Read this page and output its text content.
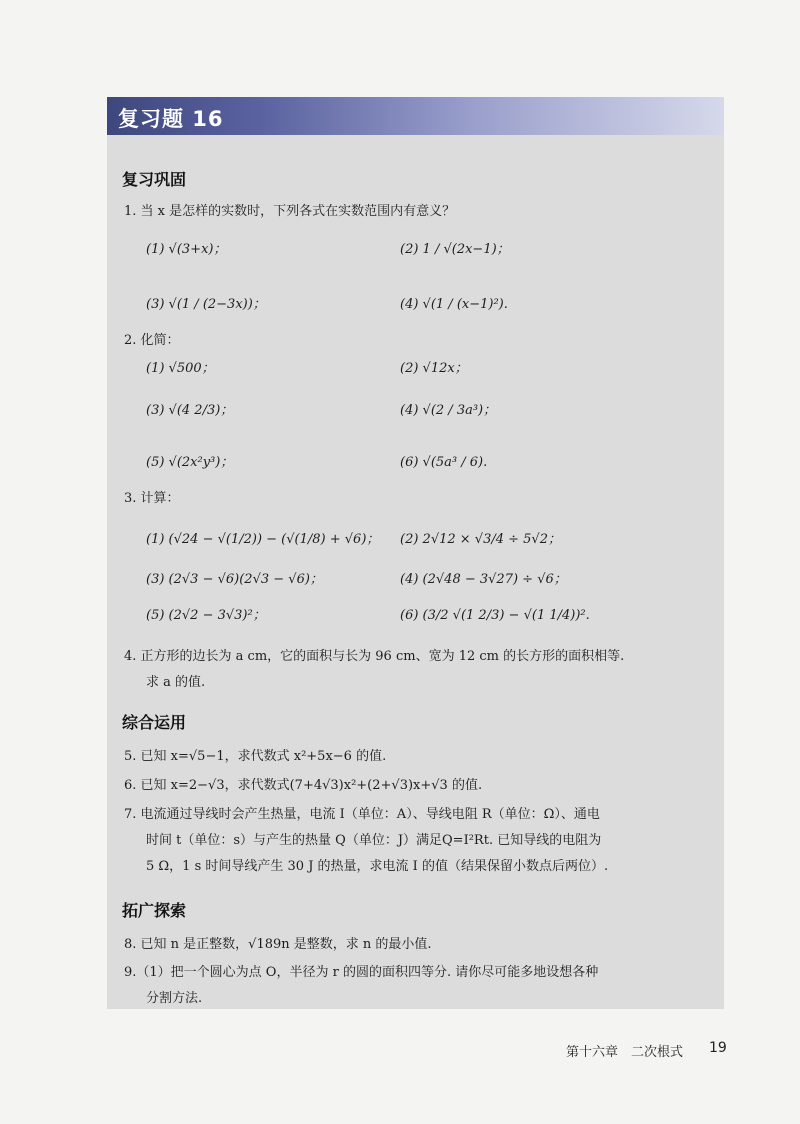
复习题 16
复习巩固
1. 当 x 是怎样的实数时，下列各式在实数范围内有意义？
(1) √(3+x)；	(2) 1 / √(2x−1)；
(3) √(1 / (2−3x))；	(4) √(1 / (x−1)²).
2. 化简：
(1) √500；	(2) √12x；
(3) √(4 2/3)；	(4) √(2 / 3a³)；
(5) √(2x²y³)；	(6) √(5a³ / 6).
3. 计算：
(1) (√24 − √(1/2)) − (√(1/8) + √6)； (2) 2√12 × √3/4 ÷ 5√2；
(3) (2√3 − √6)(2√3 − √6)；	(4) (2√48 − 3√27) ÷ √6；
(5) (2√2 − 3√3)²；	(6) (3/2 √(1 2/3) − √(1 1/4))².
4. 正方形的边长为 a cm，它的面积与长为 96 cm、宽为 12 cm 的长方形的面积相等.
求 a 的值.
综合运用
5. 已知 x=√5−1，求代数式 x²+5x−6 的值.
6. 已知 x=2−√3，求代数式(7+4√3)x²+(2+√3)x+√3 的值.
7. 电流通过导线时会产生热量，电流 I（单位：A）、导线电阻 R（单位：Ω）、通电
时间 t（单位：s）与产生的热量 Q（单位：J）满足Q=I²Rt. 已知导线的电阻为
5 Ω，1 s 时间导线产生 30 J 的热量，求电流 I 的值（结果保留小数点后两位）.
拓广探索
8. 已知 n 是正整数，√189n 是整数，求 n 的最小值.
9.（1）把一个圆心为点 O，半径为 r 的圆的面积四等分. 请你尽可能多地设想各种
分割方法.
第十六章　二次根式 19
